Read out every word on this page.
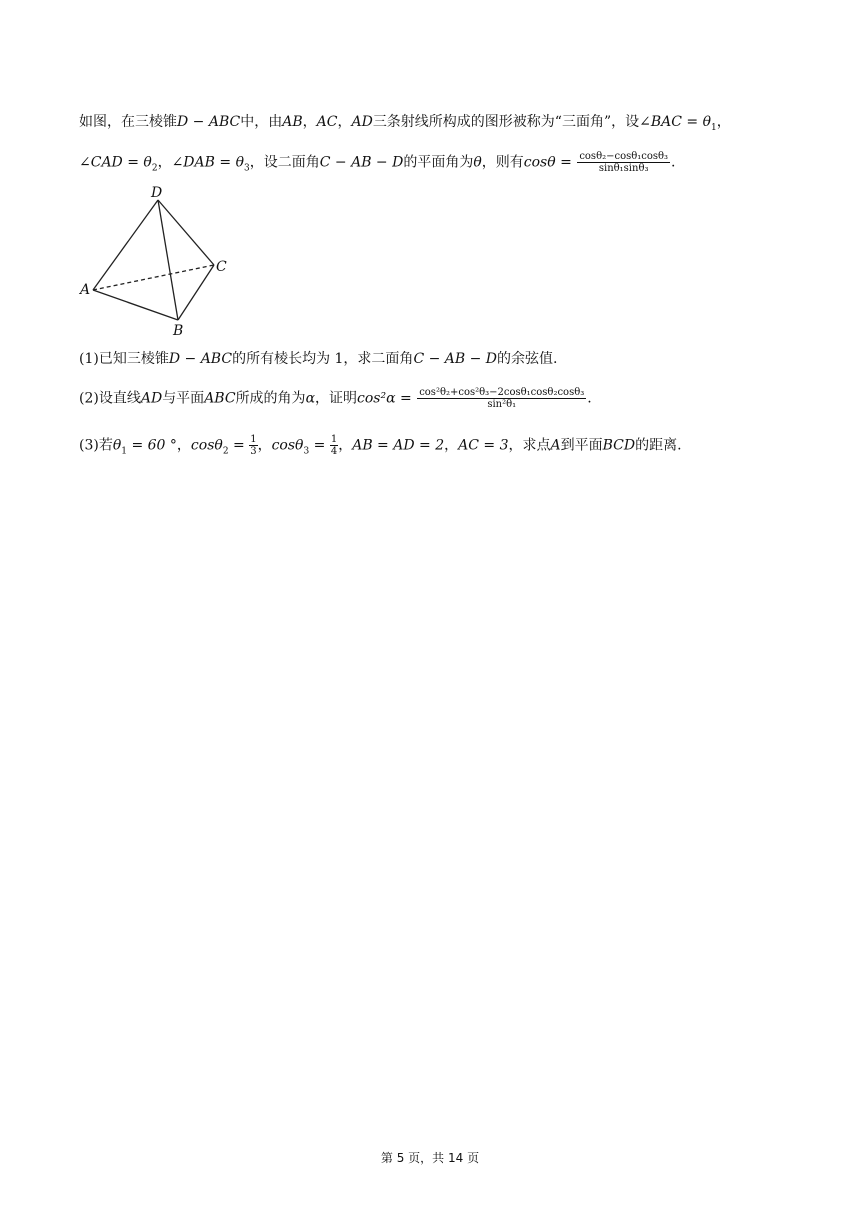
如图，在三棱锥D − ABC中，由AB，AC，AD三条射线所构成的图形被称为“三面角”，设∠BAC = $\theta_1$，
∠CAD = $\theta_2$，∠DAB = $\theta_3$，设二面角C − AB − D的平面角为θ，则有$\cos\theta = \frac{\text{cosθ₂−cosθ₁cosθ₃}}{\text{sinθ₁sinθ₃}}$ .
D
A
B
C
(1)已知三棱锥D − ABC的所有棱长均为 1，求二面角C − AB − D的余弦值.
(2)设直线AD与平面ABC所成的角为α，证明$\cos^2\alpha = \frac{\text{cos²θ₂+cos²θ₃−2cosθ₁cosθ₂cosθ₃}}{\text{sin²θ₁}}$ .
(3)若$\theta_1 = 60$ °，$\cos\theta_2 = \frac{1}{3}$ ，$\cos\theta_3 = \frac{1}{4}$ ，AB = AD = 2，AC = 3，求点A到平面BCD的距离.
第 5 页，共 14 页
